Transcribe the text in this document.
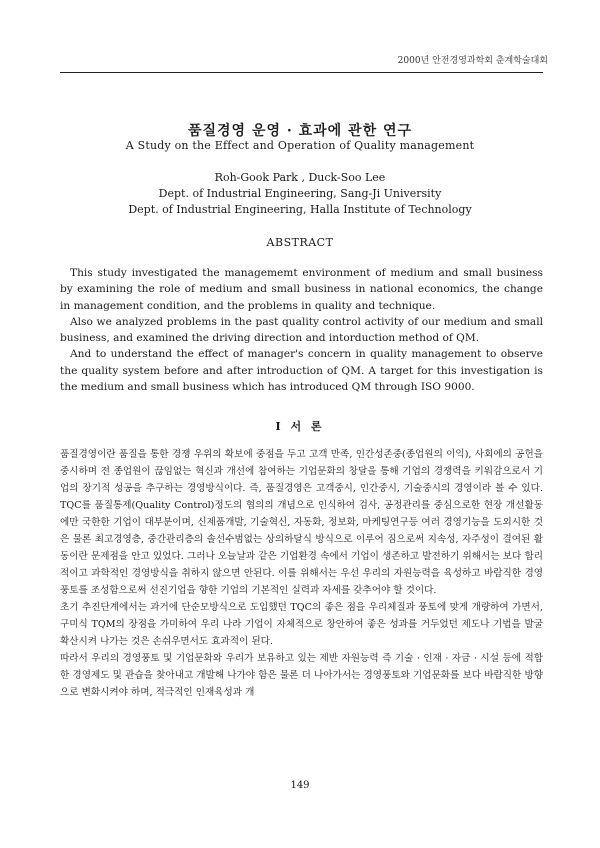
2000년 안전경영과학회 춘계학술대회
품질경영 운영 · 효과에 관한 연구
A Study on the Effect and Operation of Quality management
Roh-Gook Park , Duck-Soo Lee
Dept. of Industrial Engineering, Sang-Ji University
Dept. of Industrial Engineering, Halla Institute of Technology
ABSTRACT

This study investigated the managememt environment of medium and small business by examining the role of medium and small business in national economics, the change in management condition, and the problems in quality and technique.

Also we analyzed problems in the past quality control activity of our medium and small business, and examined the driving direction and intorduction method of QM.

And to understand the effect of manager's concern in quality management to observe the quality system before and after introduction of QM. A target for this investigation is the medium and small business which has introduced QM through ISO 9000.

I 서 론

품질경영이란 품질을 통한 경쟁 우위의 확보에 중점을 두고 고객 만족, 인간성존중(종업원의 이익), 사회에의 공헌을 중시하며 전 종업원이 끊임없는 혁신과 개선에 참여하는 기업문화의 창달을 통해 기업의 경쟁력을 키워감으로서 기업의 장기적 성공을 추구하는 경영방식이다. 즉, 품질경영은 고객중시, 인간중시, 기술중시의 경영이라 볼 수 있다. TQC를 품질통제(Quality Control)정도의 협의의 개념으로 인식하여 검사, 공정관리를 중심으로한 현장 개선활동에만 국한한 기업이 대부분이며, 신제품개발, 기술혁신, 자동화, 정보화, 마케팅연구등 여러 경영기능을 도외시한 것은 물론 최고경영층, 중간관리층의 솔선수범없는 상의하달식 방식으로 이루어 짐으로써 지속성, 자주성이 결여된 활동이란 문제점을 안고 있었다. 그러나 오늘날과 같은 기업환경 속에서 기업이 생존하고 발전하기 위해서는 보다 합리적이고 과학적인 경영방식을 취하지 않으면 안된다. 이를 위해서는 우선 우리의 자원능력을 육성하고 바람직한 경영풍토를 조성함으로써 선진기업을 향한 기업의 기본적인 실력과 자세를 갖추어야 할 것이다.

초기 추진단계에서는 과거에 단순모방식으로 도입했던 TQC의 좋은 점을 우리체질과 풍토에 맞게 개량하여 가면서, 구미식 TQM의 장점을 가미하여 우리 나라 기업이 자체적으로 창안하여 좋은 성과를 거두었던 제도나 기법을 발굴 확산시켜 나가는 것은 손쉬우면서도 효과적이 된다.

따라서 우리의 경영풍토 및 기업문화와 우리가 보유하고 있는 제반 자원능력 즉 기술 · 인재 · 자금 · 시설 등에 적합한 경영제도 및 관습을 찾아내고 개발해 나가야 함은 물론 더 나아가서는 경영풍토와 기업문화를 보다 바람직한 방향으로 변화시켜야 하며, 적극적인 인재육성과 개

149
